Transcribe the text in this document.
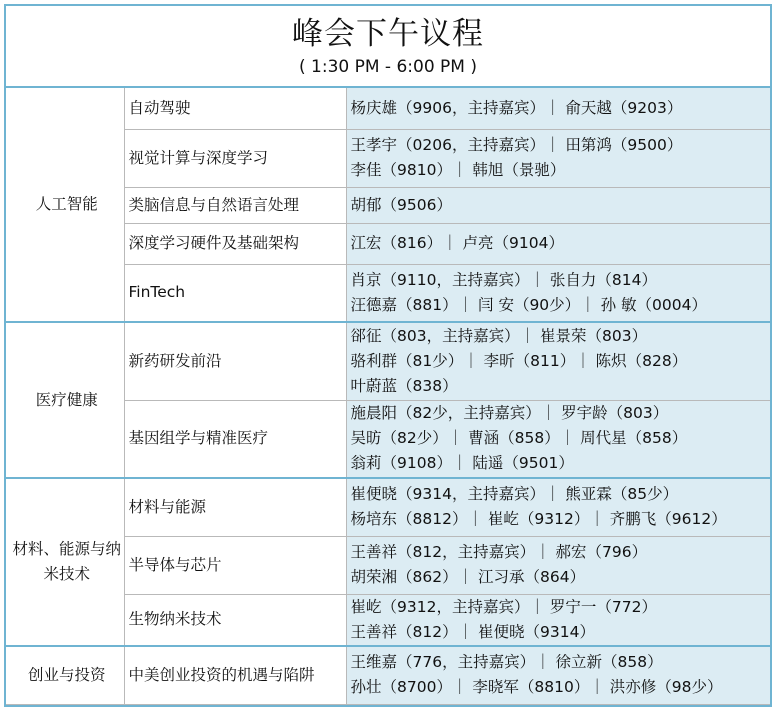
峰会下午议程
( 1:30 PM - 6:00 PM )
人工智能	自动驾驶	杨庆雄（9906，主持嘉宾）｜ 俞天越（9203）

	视觉计算与深度学习	王孝宇（0206，主持嘉宾）｜ 田第鸿（9500）
李佳（9810）｜ 韩旭（景驰）

	类脑信息与自然语言处理	胡郁（9506）

	深度学习硬件及基础架构	江宏（816）｜ 卢亮（9104）

	FinTech	肖京（9110，主持嘉宾）｜ 张自力（814）
汪德嘉（881）｜ 闫 安（90少）｜ 孙 敏（0004）

医疗健康	新药研发前沿	郤征（803，主持嘉宾）｜ 崔景荣（803）
骆利群（81少）｜ 李昕（811）｜ 陈炽（828）
叶蔚蓝（838）

	基因组学与精准医疗	施晨阳（82少，主持嘉宾）｜ 罗宇龄（803）
吴昉（82少）｜ 曹涵（858）｜ 周代星（858）
翁莉（9108）｜ 陆遥（9501）

材料、能源与纳米技术	材料与能源	崔便晓（9314，主持嘉宾）｜ 熊亚霖（85少）
杨培东（8812）｜ 崔屹（9312）｜ 齐鹏飞（9612）

	半导体与芯片	王善祥（812，主持嘉宾）｜ 郝宏（796）
胡荣湘（862）｜ 江习承（864）

	生物纳米技术	崔屹（9312，主持嘉宾）｜ 罗宁一（772）
王善祥（812）｜ 崔便晓（9314）

创业与投资	中美创业投资的机遇与陷阱	王维嘉（776，主持嘉宾）｜ 徐立新（858）
孙壮（8700）｜ 李晓军（8810）｜ 洪亦修（98少）
